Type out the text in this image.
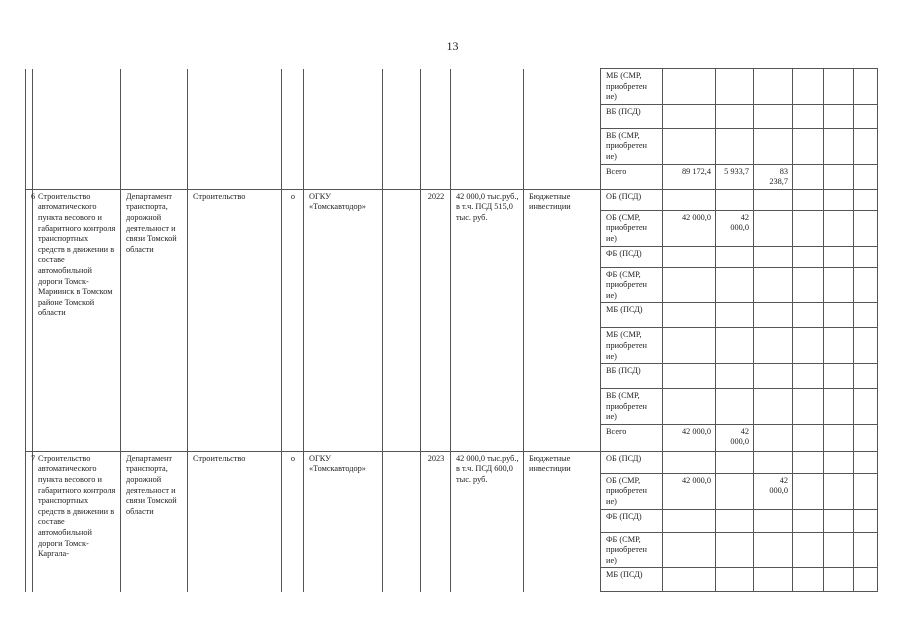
13
										МБ (СМР, приобретен ие)						
										ВБ (ПСД)						
										ВБ (СМР, приобретен ие)						
										Всего	89 172,4	5 933,7	83 238,7			
6	Строительство автоматического пункта весового и габаритного контроля транспортных средств в движении в составе автомобильной дороги Томск-Мариинск в Томском районе Томской области	Департамент транспорта, дорожной деятельност и связи Томской области	Строительство	о	ОГКУ «Томскавтодор»		2022	42 000,0 тыс.руб., в т.ч. ПСД 515,0 тыс. руб.	Бюджетные инвестиции	ОБ (ПСД)						
										ОБ (СМР, приобретен ие)	42 000,0	42 000,0				
										ФБ (ПСД)						
										ФБ (СМР, приобретен ие)						
										МБ (ПСД)						
										МБ (СМР, приобретен ие)						
										ВБ (ПСД)						
										ВБ (СМР, приобретен ие)						
										Всего	42 000,0	42 000,0				
7	Строительство автоматического пункта весового и габаритного контроля транспортных средств в движении в составе автомобильной дороги Томск-Каргала-	Департамент транспорта, дорожной деятельност и связи Томской области	Строительство	о	ОГКУ «Томскавтодор»		2023	42 000,0 тыс.руб., в т.ч. ПСД 600,0 тыс. руб.	Бюджетные инвестиции	ОБ (ПСД)						
										ОБ (СМР, приобретен ие)	42 000,0		42 000,0			
										ФБ (ПСД)						
										ФБ (СМР, приобретен ие)						
										МБ (ПСД)						
